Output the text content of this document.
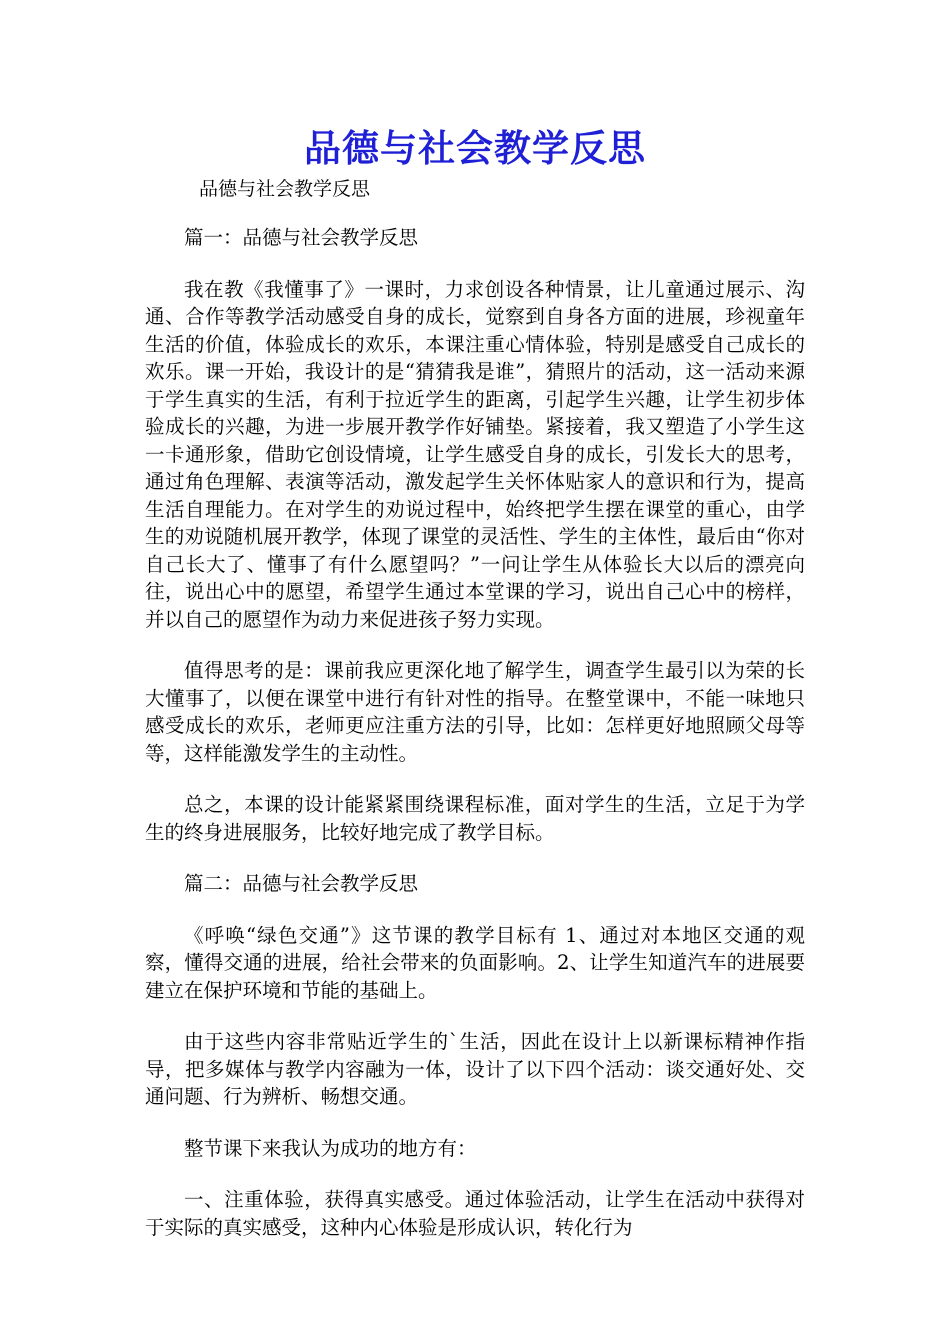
品德与社会教学反思
品德与社会教学反思

篇一：品德与社会教学反思

我在教《我懂事了》一课时，力求创设各种情景，让儿童通过展示、沟通、合作等教学活动感受自身的成长，觉察到自身各方面的进展，珍视童年生活的价值，体验成长的欢乐，本课注重心情体验，特别是感受自己成长的欢乐。课一开始，我设计的是“猜猜我是谁”，猜照片的活动，这一活动来源于学生真实的生活，有利于拉近学生的距离，引起学生兴趣，让学生初步体验成长的兴趣，为进一步展开教学作好铺垫。紧接着，我又塑造了小学生这一卡通形象，借助它创设情境，让学生感受自身的成长，引发长大的思考，通过角色理解、表演等活动，激发起学生关怀体贴家人的意识和行为，提高生活自理能力。在对学生的劝说过程中，始终把学生摆在课堂的重心，由学生的劝说随机展开教学，体现了课堂的灵活性、学生的主体性，最后由“你对自己长大了、懂事了有什么愿望吗？”一问让学生从体验长大以后的漂亮向往，说出心中的愿望，希望学生通过本堂课的学习，说出自己心中的榜样，并以自己的愿望作为动力来促进孩子努力实现。

值得思考的是：课前我应更深化地了解学生，调查学生最引以为荣的长大懂事了，以便在课堂中进行有针对性的指导。在整堂课中，不能一味地只感受成长的欢乐，老师更应注重方法的引导，比如：怎样更好地照顾父母等等，这样能激发学生的主动性。

总之，本课的设计能紧紧围绕课程标准，面对学生的生活，立足于为学生的终身进展服务，比较好地完成了教学目标。

篇二：品德与社会教学反思

《呼唤“绿色交通”》这节课的教学目标有 1、通过对本地区交通的观察，懂得交通的进展，给社会带来的负面影响。2、让学生知道汽车的进展要建立在保护环境和节能的基础上。

由于这些内容非常贴近学生的`生活，因此在设计上以新课标精神作指导，把多媒体与教学内容融为一体，设计了以下四个活动：谈交通好处、交通问题、行为辨析、畅想交通。

整节课下来我认为成功的地方有：

一、注重体验，获得真实感受。通过体验活动，让学生在活动中获得对于实际的真实感受，这种内心体验是形成认识，转化行为
